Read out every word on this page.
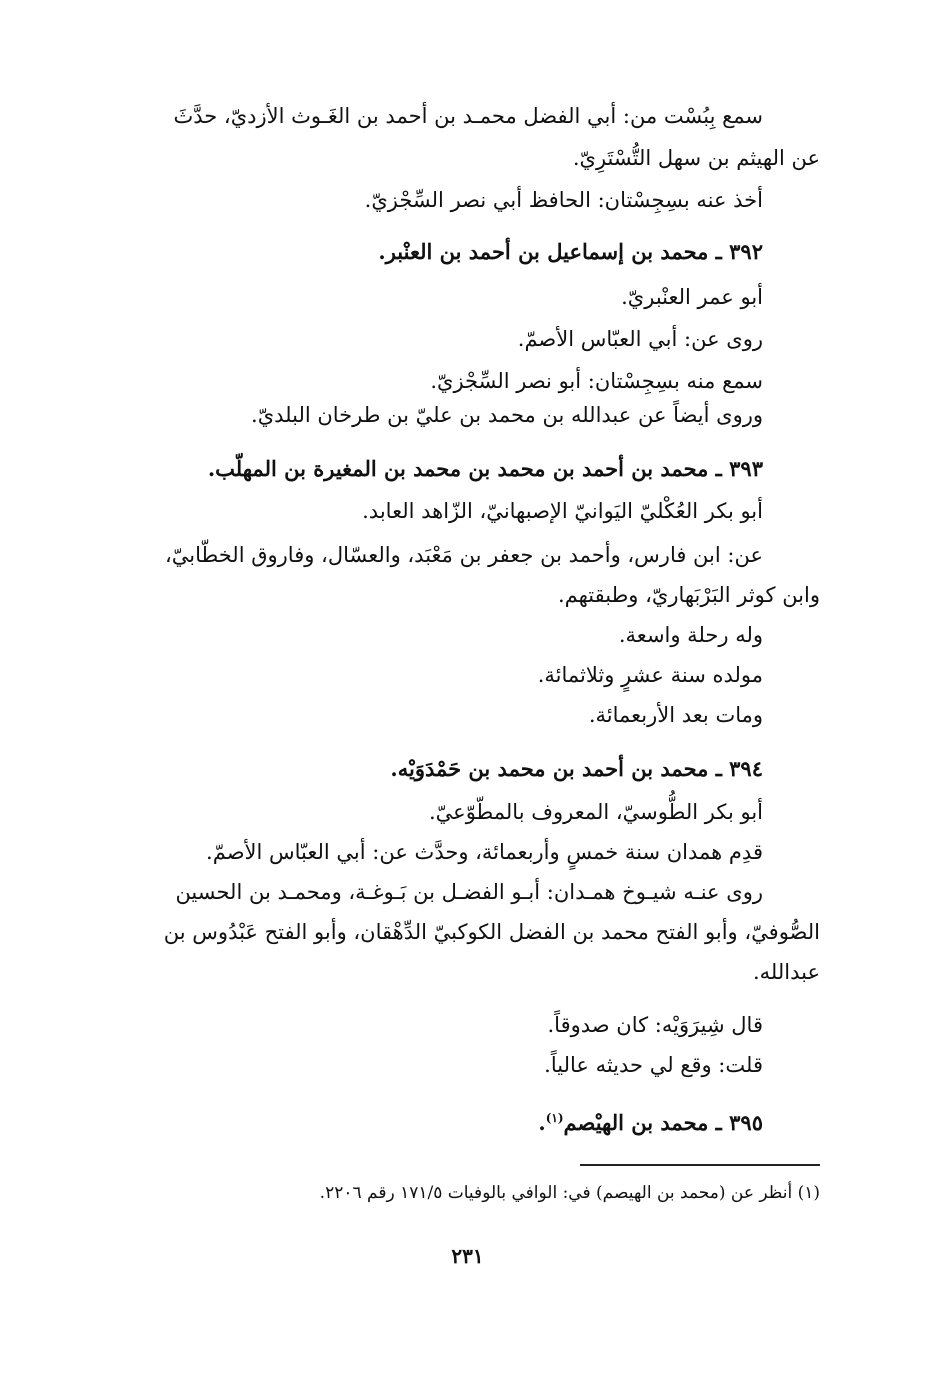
سمع بِبُسْت من: أبي الفضل محمـد بن أحمد بن الغَـوث الأزديّ، حدَّثَ
عن الهيثم بن سهل التُّسْتَرِيّ.
أخذ عنه بسِجِسْتان: الحافظ أبي نصر السِّجْزيّ.
٣٩٢ ـ محمد بن إسماعيل بن أحمد بن العنْبر.
أبو عمر العنْبريّ.
روى عن: أبي العبّاس الأصمّ.
سمع منه بسِجِسْتان: أبو نصر السِّجْزيّ.
وروى أيضاً عن عبدالله بن محمد بن عليّ بن طرخان البلديّ.
٣٩٣ ـ محمد بن أحمد بن محمد بن محمد بن المغيرة بن المهلّب.
أبو بكر العُكْليّ اليَوانيّ الإصبهانيّ، الزّاهد العابد.
عن: ابن فارس، وأحمد بن جعفر بن مَعْبَد، والعسّال، وفاروق الخطّابيّ،
وابن كوثر البَرْبَهاريّ، وطبقتهم.
وله رحلة واسعة.
مولده سنة عشرٍ وثلاثمائة.
ومات بعد الأربعمائة.
٣٩٤ ـ محمد بن أحمد بن محمد بن حَمْدَوَيْه.
أبو بكر الطُّوسيّ، المعروف بالمطّوّعيّ.
قدِم همدان سنة خمسٍ وأربعمائة، وحدَّث عن: أبي العبّاس الأصمّ.
روى عنـه شيـوخ همـدان: أبـو الفضـل بن بَـوغـة، ومحمـد بن الحسين
الصُّوفيّ، وأبو الفتح محمد بن الفضل الكوكبيّ الدِّهْقان، وأبو الفتح عَبْدُوس بن
عبدالله.
قال شِيرَوَيْه: كان صدوقاً.
قلت: وقع لي حديثه عالياً.
٣٩٥ ـ محمد بن الهيْصم$^{(١)}$.
(١) أنظر عن (محمد بن الهيصم) في: الوافي بالوفيات ١٧١/٥ رقم ٢٢٠٦.
٢٣١
